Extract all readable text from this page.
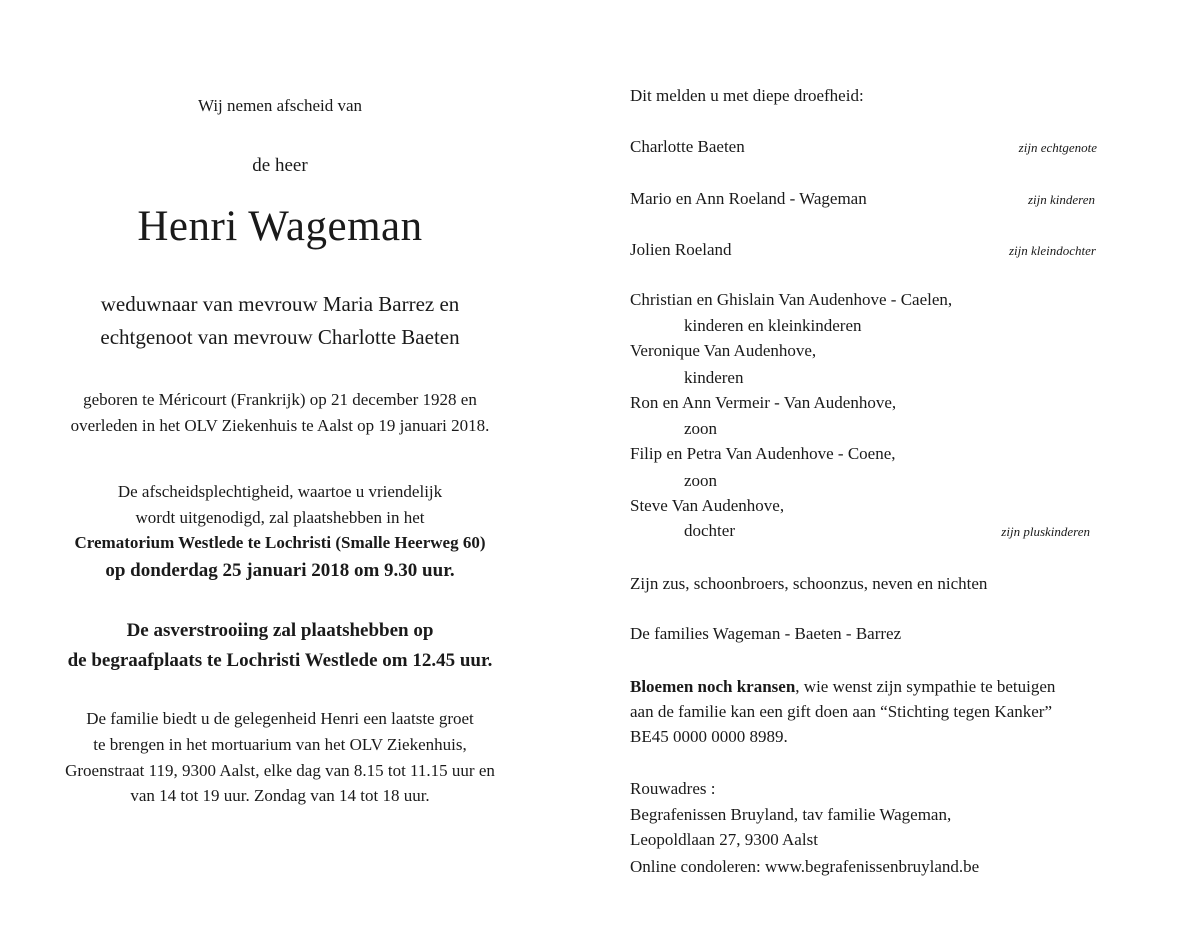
Wij nemen afscheid van
de heer
Henri Wageman
weduwnaar van mevrouw Maria Barrez en
echtgenoot van mevrouw Charlotte Baeten
geboren te Méricourt (Frankrijk) op 21 december 1928 en
overleden in het OLV Ziekenhuis te Aalst op 19 januari 2018.
De afscheidsplechtigheid, waartoe u vriendelijk
wordt uitgenodigd, zal plaatshebben in het
Crematorium Westlede te Lochristi (Smalle Heerweg 60)
op donderdag 25 januari 2018 om 9.30 uur.
De asverstrooiing zal plaatshebben op
de begraafplaats te Lochristi Westlede om 12.45 uur.
De familie biedt u de gelegenheid Henri een laatste groet
te brengen in het mortuarium van het OLV Ziekenhuis,
Groenstraat 119, 9300 Aalst, elke dag van 8.15 tot 11.15 uur en
van 14 tot 19 uur. Zondag van 14 tot 18 uur.
Dit melden u met diepe droefheid:
Charlotte Baeten	zijn echtgenote
Mario en Ann Roeland - Wageman	zijn kinderen
Jolien Roeland	zijn kleindochter
Christian en Ghislain Van Audenhove - Caelen,
kinderen en kleinkinderen
Veronique Van Audenhove,
kinderen
Ron en Ann Vermeir - Van Audenhove,
zoon
Filip en Petra Van Audenhove - Coene,
zoon
Steve Van Audenhove,
dochter	zijn pluskinderen
Zijn zus, schoonbroers, schoonzus, neven en nichten
De families Wageman - Baeten - Barrez
Bloemen noch kransen, wie wenst zijn sympathie te betuigen
aan de familie kan een gift doen aan “Stichting tegen Kanker”
BE45 0000 0000 8989.
Rouwadres :
Begrafenissen Bruyland, tav familie Wageman,
Leopoldlaan 27, 9300 Aalst
Online condoleren: www.begrafenissenbruyland.be
